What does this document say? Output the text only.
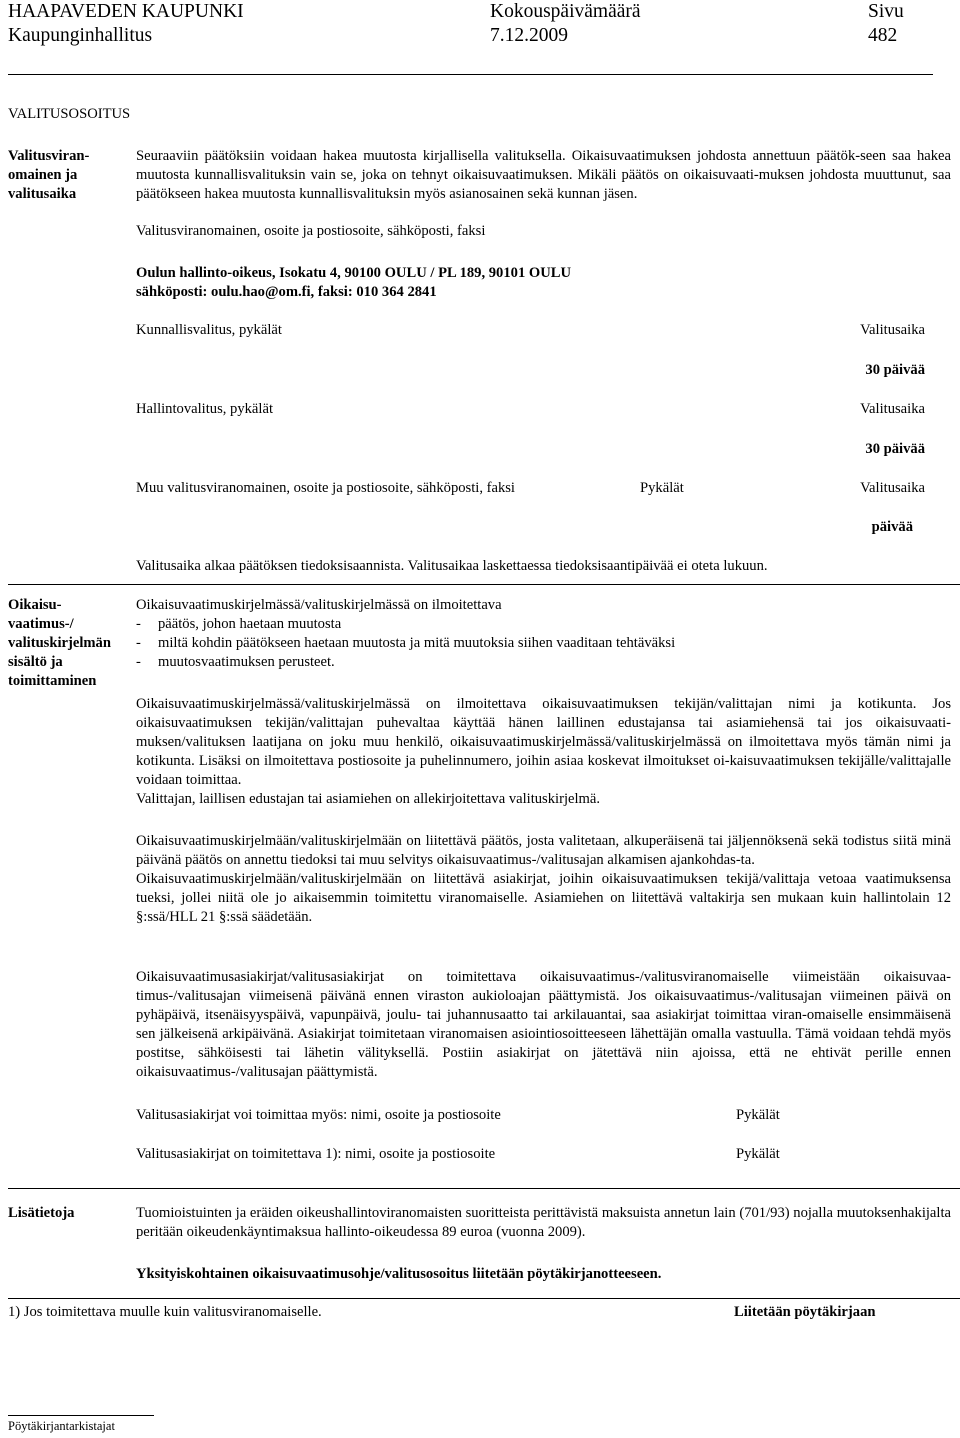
HAAPAVEDEN KAUPUNKI
Kaupunginhallitus
Kokouspäivämäärä
7.12.2009
Sivu
482
VALITUSOSOITUS
Valitusviran-
omainen ja
valitusaika

Seuraaviin päätöksiin voidaan hakea muutosta kirjallisella valituksella. Oikaisuvaatimuksen johdosta annettuun päätök-seen saa hakea muutosta kunnallisvalituksin vain se, joka on tehnyt oikaisuvaatimuksen. Mikäli päätös on oikaisuvaati-muksen johdosta muuttunut, saa päätökseen hakea muutosta kunnallisvalituksin myös asianosainen sekä kunnan jäsen.

Valitusviranomainen, osoite ja postiosoite, sähköposti, faksi
Oulun hallinto-oikeus, Isokatu 4, 90100 OULU / PL 189, 90101 OULU
sähköposti: oulu.hao@om.fi, faksi: 010 364 2841
Kunnallisvalitus, pykälät	Valitusaika
30 päivää
Hallintovalitus, pykälät	Valitusaika
30 päivää
Muu valitusviranomainen, osoite ja postiosoite, sähköposti, faksi	Pykälät	Valitusaika
päivää
Valitusaika alkaa päätöksen tiedoksisaannista. Valitusaikaa laskettaessa tiedoksisaantipäivää ei oteta lukuun.
Oikaisu-
vaatimus-/
valituskirjelmän
sisältö ja
toimittaminen

Oikaisuvaatimuskirjelmässä/valituskirjelmässä on ilmoitettava

-	päätös, johon haetaan muutosta
-	miltä kohdin päätökseen haetaan muutosta ja mitä muutoksia siihen vaaditaan tehtäväksi
-	muutosvaatimuksen perusteet.

Oikaisuvaatimuskirjelmässä/valituskirjelmässä on ilmoitettava oikaisuvaatimuksen tekijän/valittajan nimi ja kotikunta. Jos oikaisuvaatimuksen tekijän/valittajan puhevaltaa käyttää hänen laillinen edustajansa tai asiamiehensä tai jos oikaisuvaati-muksen/valituksen laatijana on joku muu henkilö, oikaisuvaatimuskirjelmässä/valituskirjelmässä on ilmoitettava myös tämän nimi ja kotikunta. Lisäksi on ilmoitettava postiosoite ja puhelinnumero, joihin asiaa koskevat ilmoitukset oi-kaisuvaatimuksen tekijälle/valittajalle voidaan toimittaa.

Valittajan, laillisen edustajan tai asiamiehen on allekirjoitettava valituskirjelmä.

Oikaisuvaatimuskirjelmään/valituskirjelmään on liitettävä päätös, josta valitetaan, alkuperäisenä tai jäljennöksenä sekä todistus siitä minä päivänä päätös on annettu tiedoksi tai muu selvitys oikaisuvaatimus-/valitusajan alkamisen ajankohdas-ta.

Oikaisuvaatimuskirjelmään/valituskirjelmään on liitettävä asiakirjat, joihin oikaisuvaatimuksen tekijä/valittaja vetoaa vaatimuksensa tueksi, jollei niitä ole jo aikaisemmin toimitettu viranomaiselle. Asiamiehen on liitettävä valtakirja sen mukaan kuin hallintolain 12 §:ssä/HLL 21 §:ssä säädetään.

Oikaisuvaatimusasiakirjat/valitusasiakirjat on toimitettava oikaisuvaatimus-/valitusviranomaiselle viimeistään oikaisuvaa-timus-/valitusajan viimeisenä päivänä ennen viraston aukioloajan päättymistä. Jos oikaisuvaatimus-/valitusajan viimeinen päivä on pyhäpäivä, itsenäisyyspäivä, vapunpäivä, joulu- tai juhannusaatto tai arkilauantai, saa asiakirjat toimittaa viran-omaiselle ensimmäisenä sen jälkeisenä arkipäivänä. Asiakirjat toimitetaan viranomaisen asiointiosoitteeseen lähettäjän omalla vastuulla. Tämä voidaan tehdä myös postitse, sähköisesti tai lähetin välityksellä. Postiin asiakirjat on jätettävä niin ajoissa, että ne ehtivät perille ennen oikaisuvaatimus-/valitusajan päättymistä.

Valitusasiakirjat voi toimittaa myös: nimi, osoite ja postiosoite	Pykälät
Valitusasiakirjat on toimitettava 1): nimi, osoite ja postiosoite	Pykälät
Lisätietoja	Tuomioistuinten ja eräiden oikeushallintoviranomaisten suoritteista perittävistä maksuista annetun lain (701/93) nojalla muutoksenhakijalta peritään oikeudenkäyntimaksua hallinto-oikeudessa 89 euroa (vuonna 2009).

Yksityiskohtainen oikaisuvaatimusohje/valitusosoitus liitetään pöytäkirjanotteeseen.
1) Jos toimitettava muulle kuin valitusviranomaiselle.	Liitetään pöytäkirjaan
Pöytäkirjantarkistajat
